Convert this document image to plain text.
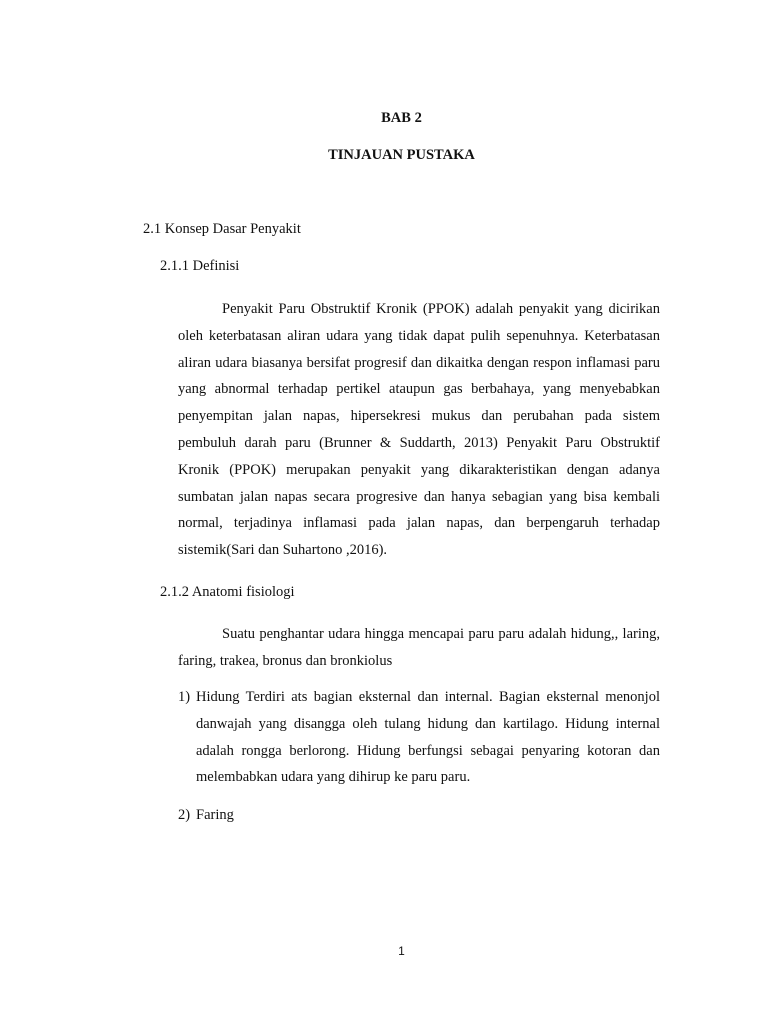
BAB 2
TINJAUAN PUSTAKA
2.1 Konsep Dasar Penyakit
2.1.1 Definisi

Penyakit Paru Obstruktif Kronik (PPOK) adalah penyakit yang dicirikan oleh keterbatasan aliran udara yang tidak dapat pulih sepenuhnya. Keterbatasan aliran udara biasanya bersifat progresif dan dikaitka dengan respon inflamasi paru yang abnormal terhadap pertikel ataupun gas berbahaya, yang menyebabkan penyempitan jalan napas, hipersekresi mukus dan perubahan pada sistem pembuluh darah paru (Brunner & Suddarth, 2013) Penyakit Paru Obstruktif Kronik (PPOK) merupakan penyakit yang dikarakteristikan dengan adanya sumbatan jalan napas secara progresive dan hanya sebagian yang bisa kembali normal, terjadinya inflamasi pada jalan napas, dan berpengaruh terhadap sistemik(Sari dan Suhartono ,2016).

2.1.2 Anatomi fisiologi

Suatu penghantar udara hingga mencapai paru paru adalah hidung,, laring, faring, trakea, bronus dan bronkiolus

1) Hidung Terdiri ats bagian eksternal dan internal. Bagian eksternal menonjol danwajah yang disangga oleh tulang hidung dan kartilago. Hidung internal adalah rongga berlorong. Hidung berfungsi sebagai penyaring kotoran dan melembabkan udara yang dihirup ke paru paru.
2) Faring
1
